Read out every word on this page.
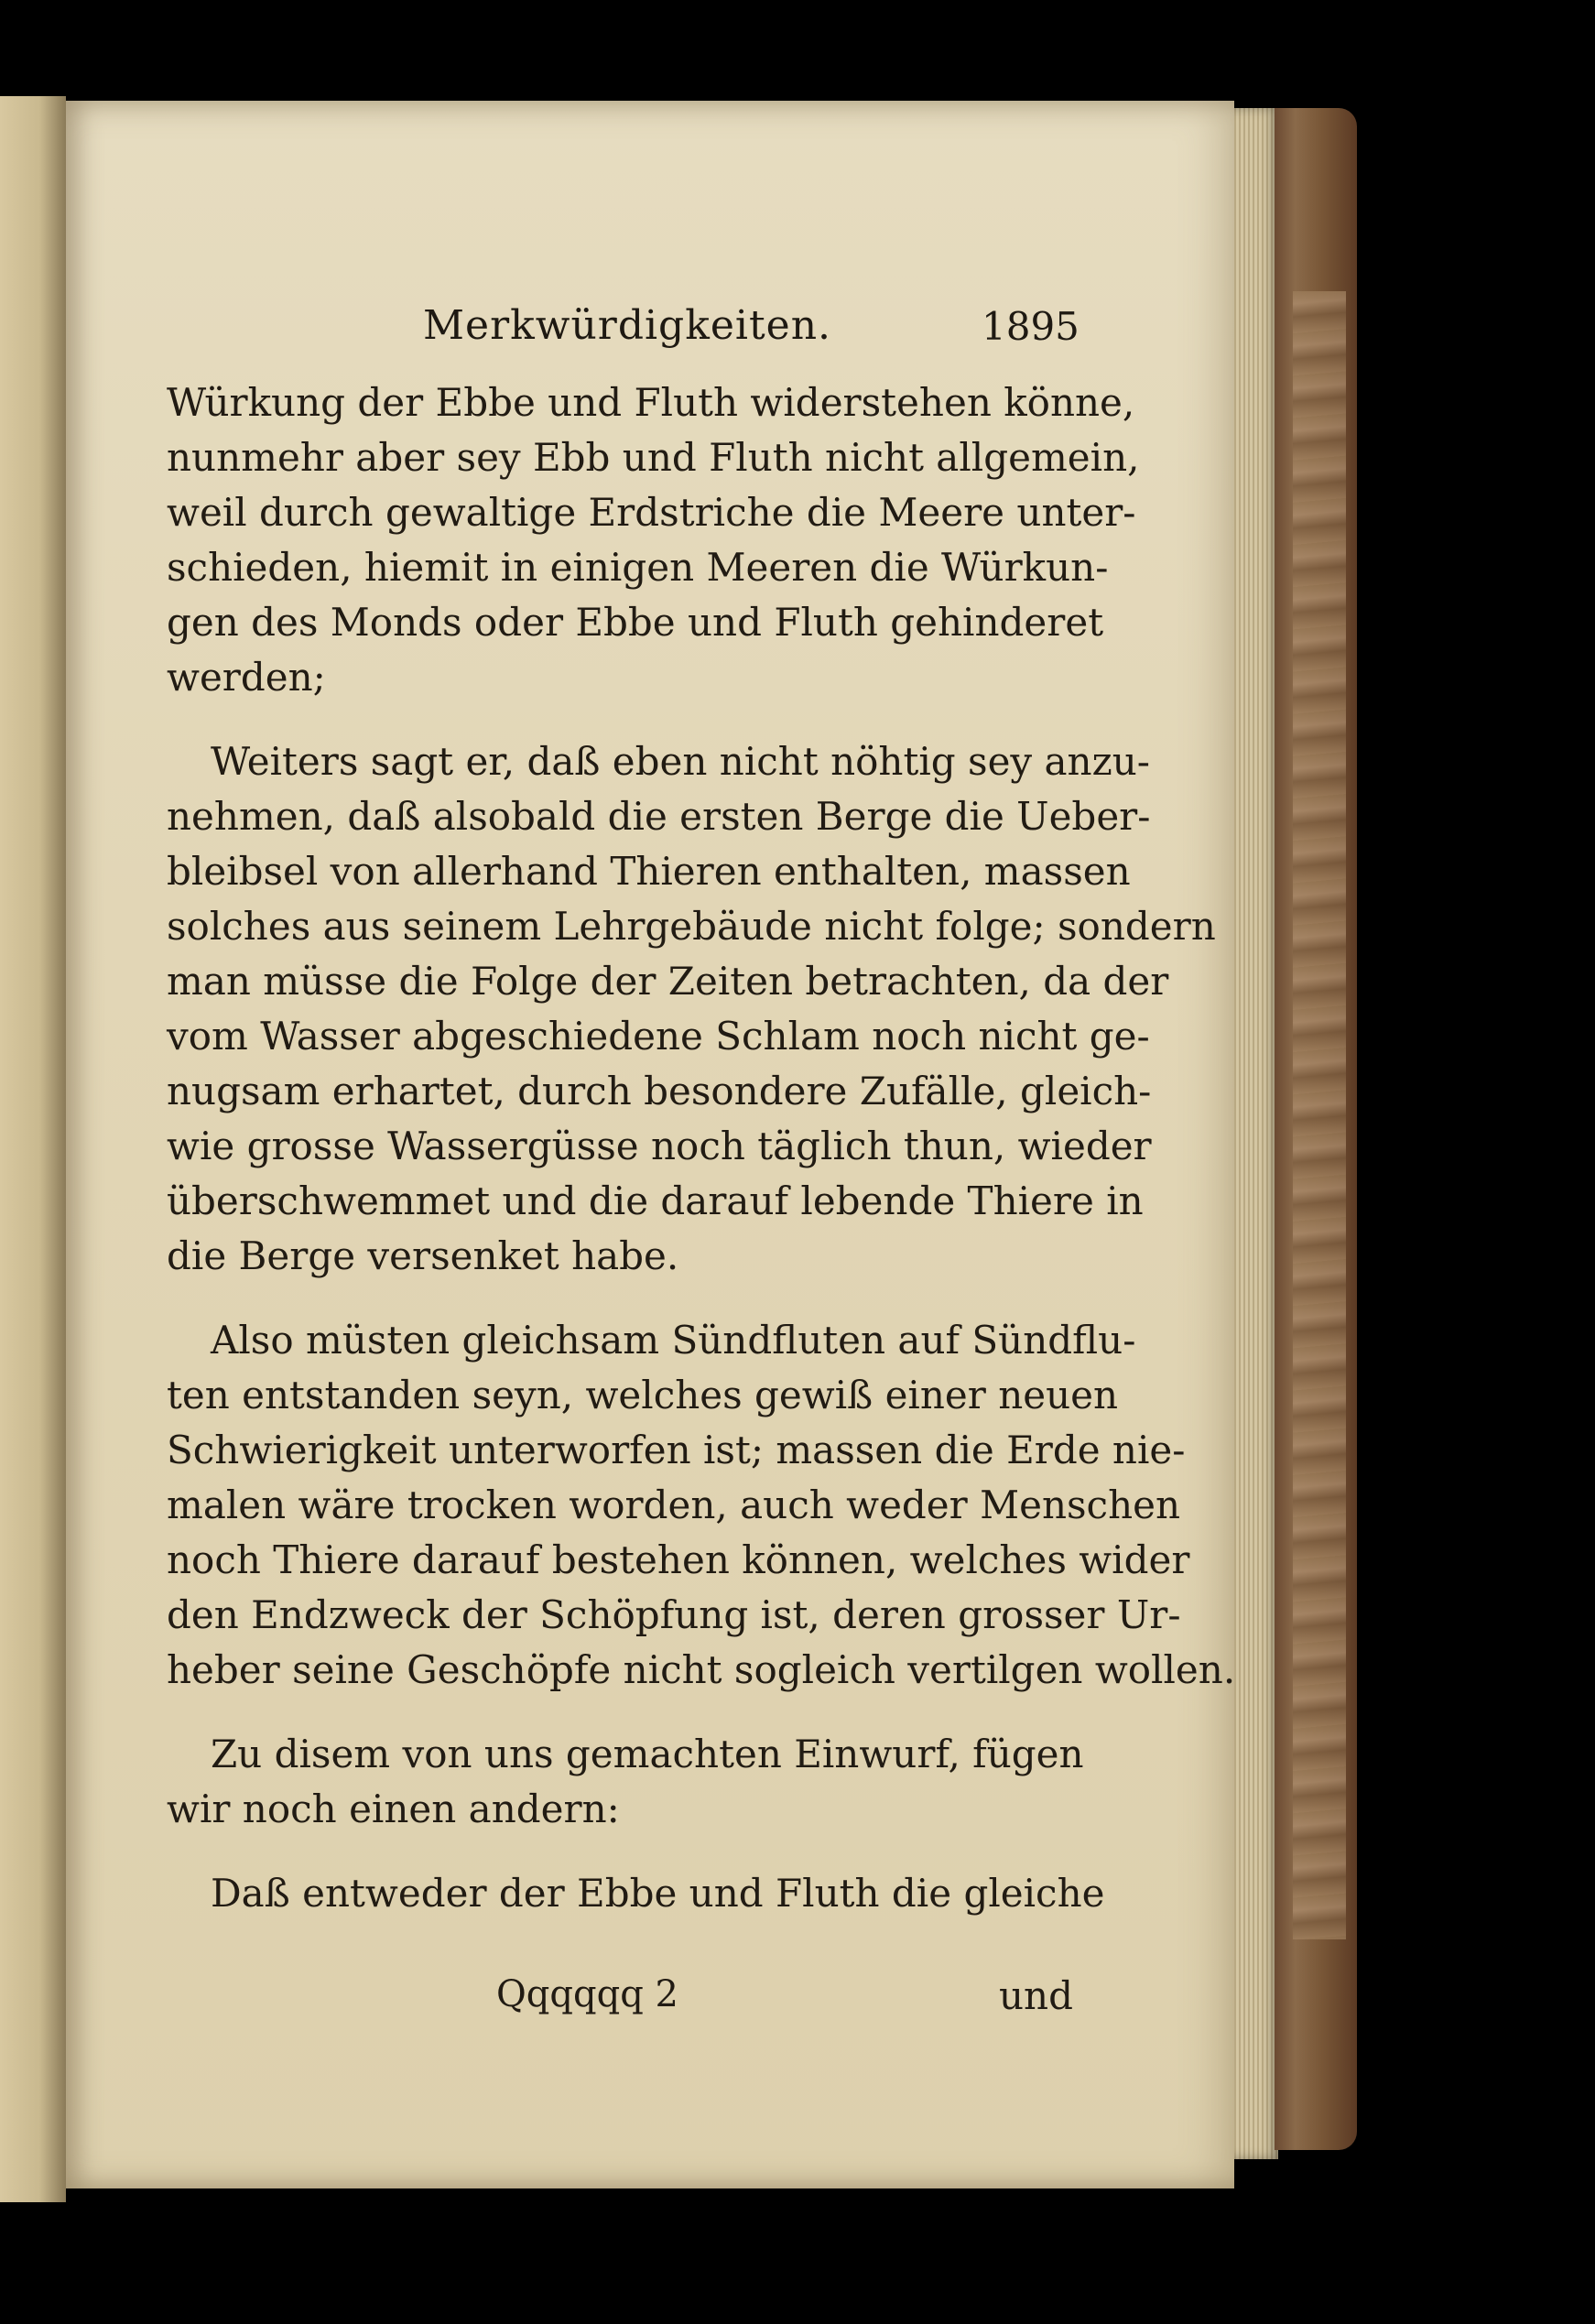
Merkwürdigkeiten.	1895
Würkung der Ebbe und Fluth widerstehen könne,
nunmehr aber sey Ebb und Fluth nicht allgemein,
weil durch gewaltige Erdstriche die Meere unter-
schieden, hiemit in einigen Meeren die Würkun-
gen des Monds oder Ebbe und Fluth gehinderet
werden;
Weiters sagt er, daß eben nicht nöhtig sey anzu-
nehmen, daß alsobald die ersten Berge die Ueber-
bleibsel von allerhand Thieren enthalten, massen
solches aus seinem Lehrgebäude nicht folge; sondern
man müsse die Folge der Zeiten betrachten, da der
vom Wasser abgeschiedene Schlam noch nicht ge-
nugsam erhartet, durch besondere Zufälle, gleich-
wie grosse Wassergüsse noch täglich thun, wieder
überschwemmet und die darauf lebende Thiere in
die Berge versenket habe.
Also müsten gleichsam Sündfluten auf Sündflu-
ten entstanden seyn, welches gewiß einer neuen
Schwierigkeit unterworfen ist; massen die Erde nie-
malen wäre trocken worden, auch weder Menschen
noch Thiere darauf bestehen können, welches wider
den Endzweck der Schöpfung ist, deren grosser Ur-
heber seine Geschöpfe nicht sogleich vertilgen wollen.
Zu disem von uns gemachten Einwurf, fügen
wir noch einen andern:
Daß entweder der Ebbe und Fluth die gleiche
Qqqqqq 2	und
